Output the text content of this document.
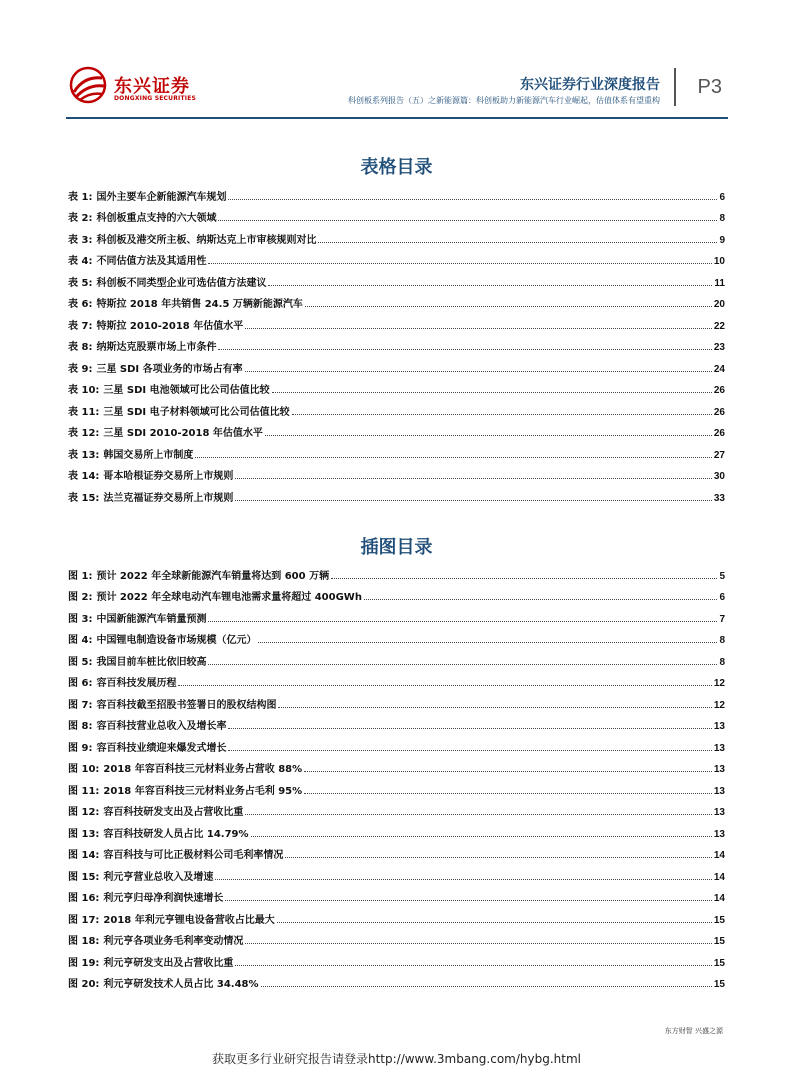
东兴证券
DONGXING SECURITIES
东兴证券行业深度报告
科创板系列报告（五）之新能源篇：科创板助力新能源汽车行业崛起，估值体系有望重构
P3
表格目录
表 1: 国外主要车企新能源汽车规划	6
表 2: 科创板重点支持的六大领域	8
表 3: 科创板及港交所主板、纳斯达克上市审核规则对比	9
表 4: 不同估值方法及其适用性	10
表 5: 科创板不同类型企业可选估值方法建议	11
表 6: 特斯拉 2018 年共销售 24.5 万辆新能源汽车	20
表 7: 特斯拉 2010-2018 年估值水平	22
表 8: 纳斯达克股票市场上市条件	23
表 9: 三星 SDI 各项业务的市场占有率	24
表 10: 三星 SDI 电池领域可比公司估值比较	26
表 11: 三星 SDI 电子材料领域可比公司估值比较	26
表 12: 三星 SDI 2010-2018 年估值水平	26
表 13: 韩国交易所上市制度	27
表 14: 哥本哈根证券交易所上市规则	30
表 15: 法兰克福证券交易所上市规则	33
插图目录
图 1: 预计 2022 年全球新能源汽车销量将达到 600 万辆	5
图 2: 预计 2022 年全球电动汽车锂电池需求量将超过 400GWh	6
图 3: 中国新能源汽车销量预测	7
图 4: 中国锂电制造设备市场规模（亿元）	8
图 5: 我国目前车桩比依旧较高	8
图 6: 容百科技发展历程	12
图 7: 容百科技截至招股书签署日的股权结构图	12
图 8: 容百科技营业总收入及增长率	13
图 9: 容百科技业绩迎来爆发式增长	13
图 10: 2018 年容百科技三元材料业务占营收 88%	13
图 11: 2018 年容百科技三元材料业务占毛利 95%	13
图 12: 容百科技研发支出及占营收比重	13
图 13: 容百科技研发人员占比 14.79%	13
图 14: 容百科技与可比正极材料公司毛利率情况	14
图 15: 利元亨营业总收入及增速	14
图 16: 利元亨归母净利润快速增长	14
图 17: 2018 年利元亨锂电设备营收占比最大	15
图 18: 利元亨各项业务毛利率变动情况	15
图 19: 利元亨研发支出及占营收比重	15
图 20: 利元亨研发技术人员占比 34.48%	15
东方财智 兴盛之源
获取更多行业研究报告请登录http://www.3mbang.com/hybg.html
